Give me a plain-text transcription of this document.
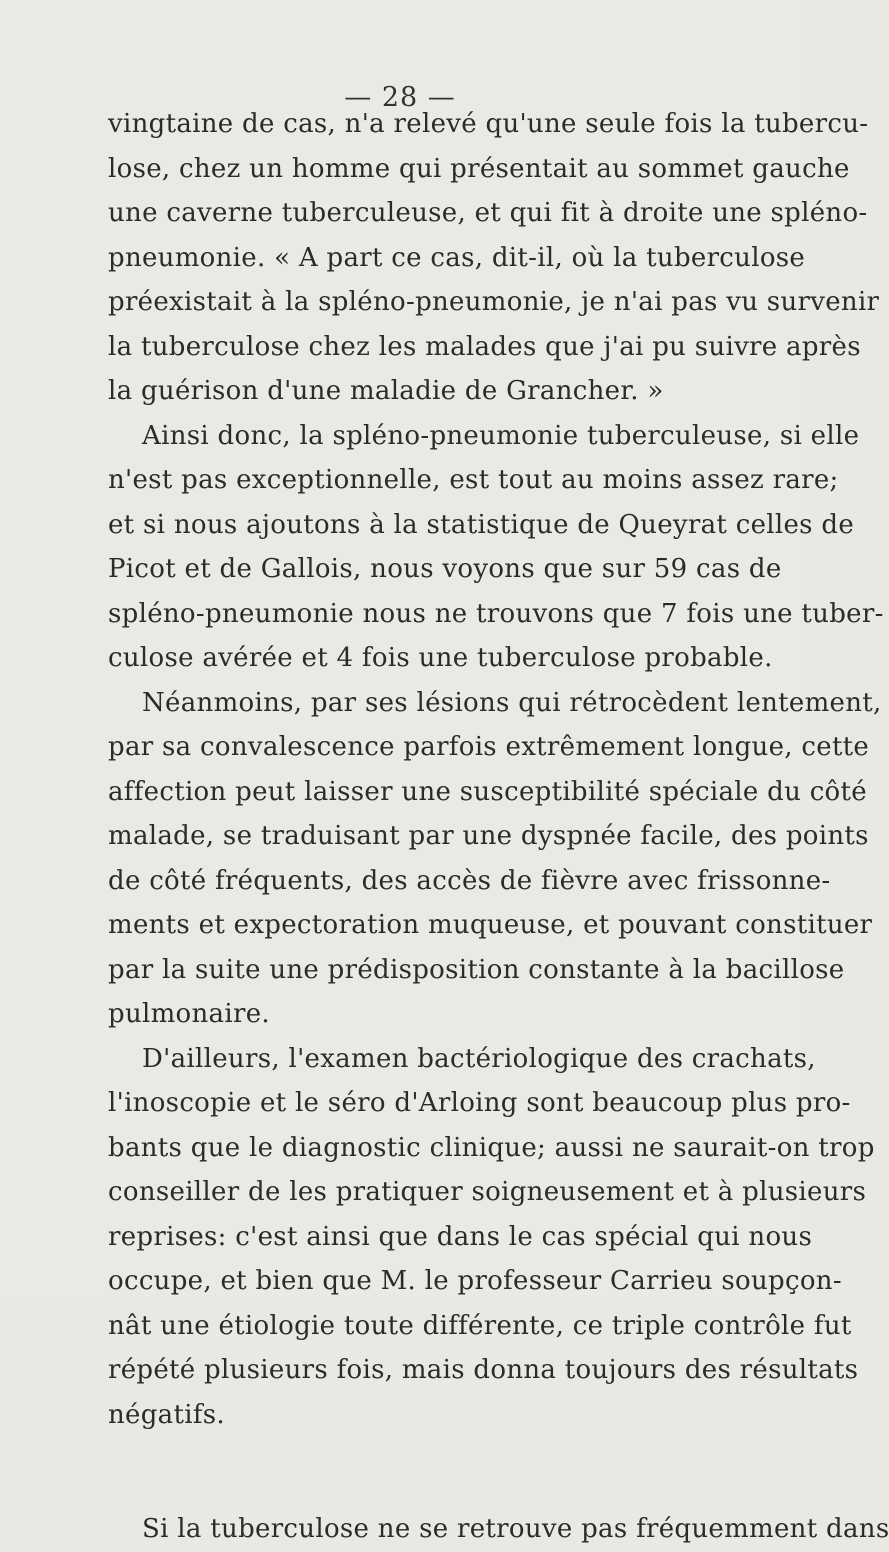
— 28 —
vingtaine de cas, n'a relevé qu'une seule fois la tubercu-
lose, chez un homme qui présentait au sommet gauche
une caverne tuberculeuse, et qui fit à droite une spléno-
pneumonie. « A part ce cas, dit-il, où la tuberculose
préexistait à la spléno-pneumonie, je n'ai pas vu survenir
la tuberculose chez les malades que j'ai pu suivre après
la guérison d'une maladie de Grancher. »
Ainsi donc, la spléno-pneumonie tuberculeuse, si elle
n'est pas exceptionnelle, est tout au moins assez rare;
et si nous ajoutons à la statistique de Queyrat celles de
Picot et de Gallois, nous voyons que sur 59 cas de
spléno-pneumonie nous ne trouvons que 7 fois une tuber-
culose avérée et 4 fois une tuberculose probable.
Néanmoins, par ses lésions qui rétrocèdent lentement,
par sa convalescence parfois extrêmement longue, cette
affection peut laisser une susceptibilité spéciale du côté
malade, se traduisant par une dyspnée facile, des points
de côté fréquents, des accès de fièvre avec frissonne-
ments et expectoration muqueuse, et pouvant constituer
par la suite une prédisposition constante à la bacillose
pulmonaire.
D'ailleurs, l'examen bactériologique des crachats,
l'inoscopie et le séro d'Arloing sont beaucoup plus pro-
bants que le diagnostic clinique; aussi ne saurait-on trop
conseiller de les pratiquer soigneusement et à plusieurs
reprises: c'est ainsi que dans le cas spécial qui nous
occupe, et bien que M. le professeur Carrieu soupçon-
nât une étiologie toute différente, ce triple contrôle fut
répété plusieurs fois, mais donna toujours des résultats
négatifs.
Si la tuberculose ne se retrouve pas fréquemment dans
